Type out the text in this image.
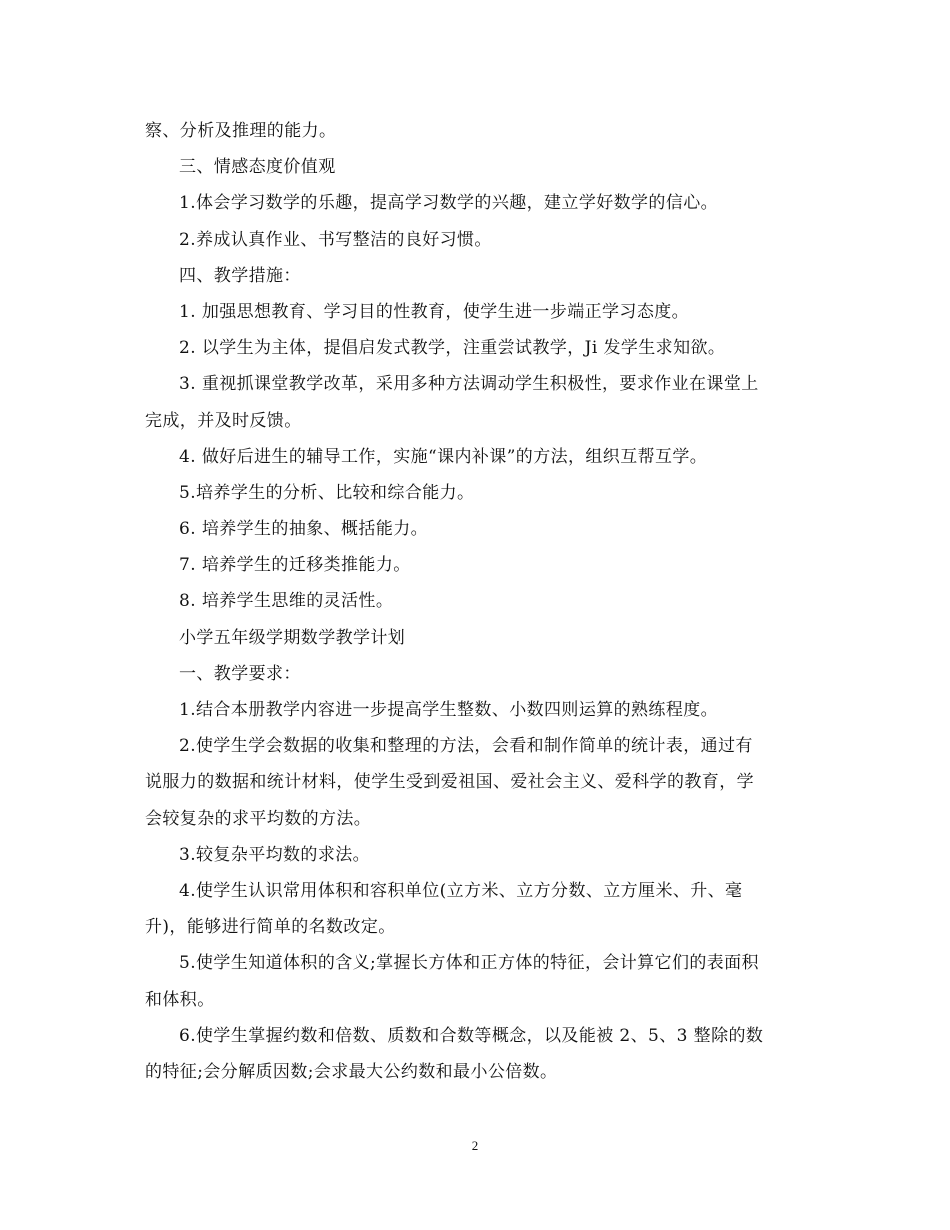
察、分析及推理的能力。
三、情感态度价值观
1.体会学习数学的乐趣，提高学习数学的兴趣，建立学好数学的信心。
2.养成认真作业、书写整洁的良好习惯。
四、教学措施：
1. 加强思想教育、学习目的性教育，使学生进一步端正学习态度。
2. 以学生为主体，提倡启发式教学，注重尝试教学，Ji 发学生求知欲。
3. 重视抓课堂教学改革，采用多种方法调动学生积极性，要求作业在课堂上
完成，并及时反馈。
4. 做好后进生的辅导工作，实施“课内补课”的方法，组织互帮互学。
5.培养学生的分析、比较和综合能力。
6. 培养学生的抽象、概括能力。
7. 培养学生的迁移类推能力。
8. 培养学生思维的灵活性。
小学五年级学期数学教学计划
一、教学要求：
1.结合本册教学内容进一步提高学生整数、小数四则运算的熟练程度。
2.使学生学会数据的收集和整理的方法，会看和制作简单的统计表，通过有
说服力的数据和统计材料，使学生受到爱祖国、爱社会主义、爱科学的教育，学
会较复杂的求平均数的方法。
3.较复杂平均数的求法。
4.使学生认识常用体积和容积单位(立方米、立方分数、立方厘米、升、毫
升)，能够进行简单的名数改定。
5.使学生知道体积的含义;掌握长方体和正方体的特征，会计算它们的表面积
和体积。
6.使学生掌握约数和倍数、质数和合数等概念，以及能被 2、5、3 整除的数
的特征;会分解质因数;会求最大公约数和最小公倍数。
2
